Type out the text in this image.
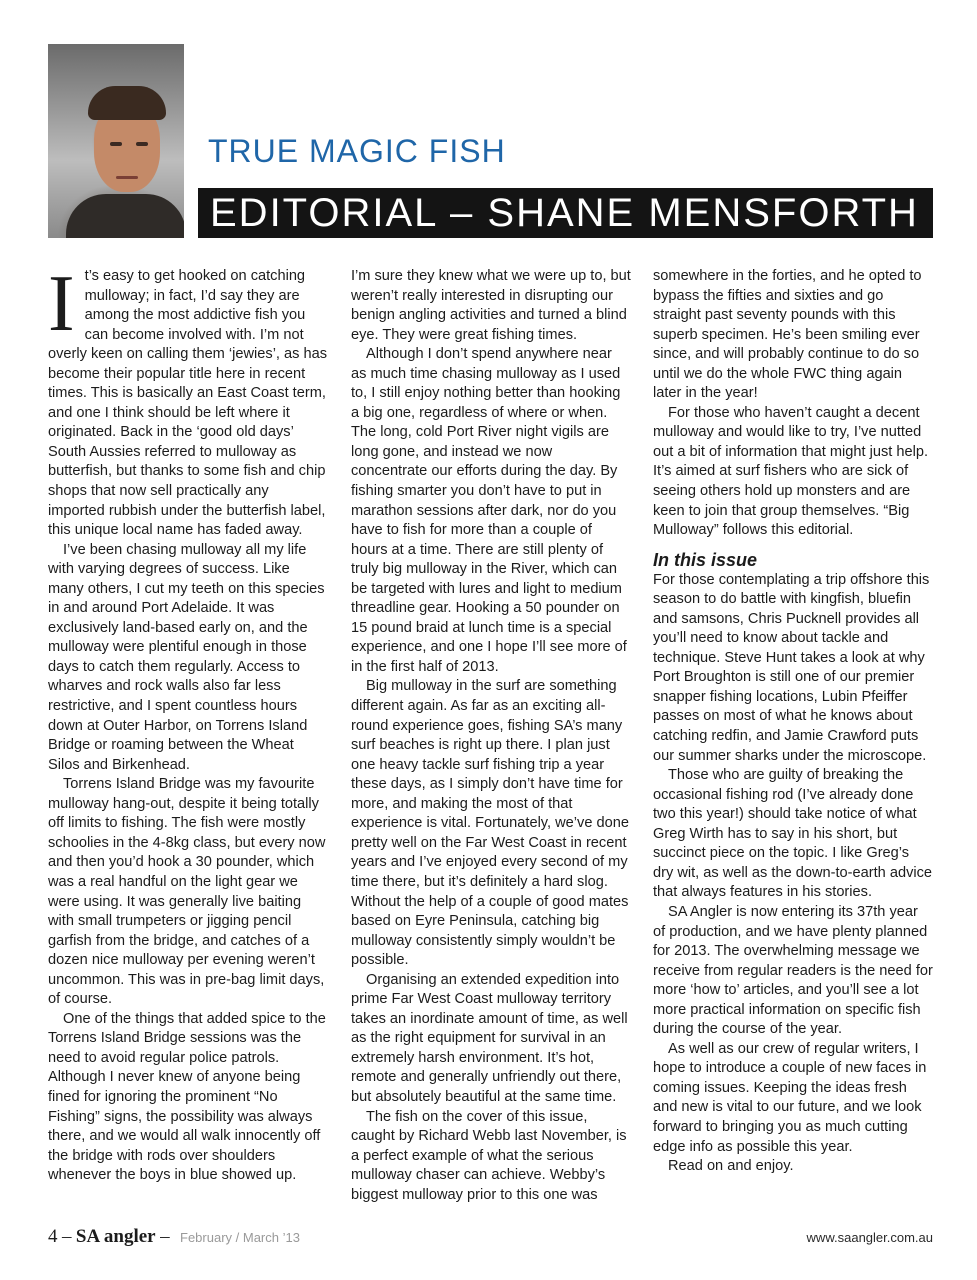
TRUE MAGIC FISH
EDITORIAL – SHANE MENSFORTH

It’s easy to get hooked on catching mulloway; in fact, I’d say they are among the most addictive fish you can become involved with. I’m not overly keen on calling them ‘jewies’, as has become their popular title here in recent times. This is basically an East Coast term, and one I think should be left where it originated. Back in the ‘good old days’ South Aussies referred to mulloway as butterfish, but thanks to some fish and chip shops that now sell practically any imported rubbish under the butterfish label, this unique local name has faded away.

I’ve been chasing mulloway all my life with varying degrees of success. Like many others, I cut my teeth on this species in and around Port Adelaide. It was exclusively land-based early on, and the mulloway were plentiful enough in those days to catch them regularly. Access to wharves and rock walls also far less restrictive, and I spent countless hours down at Outer Harbor, on Torrens Island Bridge or roaming between the Wheat Silos and Birkenhead.

Torrens Island Bridge was my favourite mulloway hang-out, despite it being totally off limits to fishing. The fish were mostly schoolies in the 4-8kg class, but every now and then you’d hook a 30 pounder, which was a real handful on the light gear we were using. It was generally live baiting with small trumpeters or jigging pencil garfish from the bridge, and catches of a dozen nice mulloway per evening weren’t uncommon. This was in pre-bag limit days, of course.

One of the things that added spice to the Torrens Island Bridge sessions was the need to avoid regular police patrols. Although I never knew of anyone being fined for ignoring the prominent “No Fishing” signs, the possibility was always there, and we would all walk innocently off the bridge with rods over shoulders whenever the boys in blue showed up.

I’m sure they knew what we were up to, but weren’t really interested in disrupting our benign angling activities and turned a blind eye. They were great fishing times.

Although I don’t spend anywhere near as much time chasing mulloway as I used to, I still enjoy nothing better than hooking a big one, regardless of where or when. The long, cold Port River night vigils are long gone, and instead we now concentrate our efforts during the day. By fishing smarter you don’t have to put in marathon sessions after dark, nor do you have to fish for more than a couple of hours at a time. There are still plenty of truly big mulloway in the River, which can be targeted with lures and light to medium threadline gear. Hooking a 50 pounder on 15 pound braid at lunch time is a special experience, and one I hope I’ll see more of in the first half of 2013.

Big mulloway in the surf are something different again. As far as an exciting all-round experience goes, fishing SA’s many surf beaches is right up there. I plan just one heavy tackle surf fishing trip a year these days, as I simply don’t have time for more, and making the most of that experience is vital. Fortunately, we’ve done pretty well on the Far West Coast in recent years and I’ve enjoyed every second of my time there, but it’s definitely a hard slog. Without the help of a couple of good mates based on Eyre Peninsula, catching big mulloway consistently simply wouldn’t be possible.

Organising an extended expedition into prime Far West Coast mulloway territory takes an inordinate amount of time, as well as the right equipment for survival in an extremely harsh environment. It’s hot, remote and generally unfriendly out there, but absolutely beautiful at the same time.

The fish on the cover of this issue, caught by Richard Webb last November, is a perfect example of what the serious mulloway chaser can achieve. Webby’s biggest mulloway prior to this one was

somewhere in the forties, and he opted to bypass the fifties and sixties and go straight past seventy pounds with this superb specimen. He’s been smiling ever since, and will probably continue to do so until we do the whole FWC thing again later in the year!

For those who haven’t caught a decent mulloway and would like to try, I’ve nutted out a bit of information that might just help. It’s aimed at surf fishers who are sick of seeing others hold up monsters and are keen to join that group themselves. “Big Mulloway” follows this editorial.

In this issue

For those contemplating a trip offshore this season to do battle with kingfish, bluefin and samsons, Chris Pucknell provides all you’ll need to know about tackle and technique. Steve Hunt takes a look at why Port Broughton is still one of our premier snapper fishing locations, Lubin Pfeiffer passes on most of what he knows about catching redfin, and Jamie Crawford puts our summer sharks under the microscope.

Those who are guilty of breaking the occasional fishing rod (I’ve already done two this year!) should take notice of what Greg Wirth has to say in his short, but succinct piece on the topic. I like Greg’s dry wit, as well as the down-to-earth advice that always features in his stories.

SA Angler is now entering its 37th year of production, and we have plenty planned for 2013. The overwhelming message we receive from regular readers is the need for more ‘how to’ articles, and you’ll see a lot more practical information on specific fish during the course of the year.

As well as our crew of regular writers, I hope to introduce a couple of new faces in coming issues. Keeping the ideas fresh and new is vital to our future, and we look forward to bringing you as much cutting edge info as possible this year.

Read on and enjoy.

4 – SA angler – February / March ’13	www.saangler.com.au
